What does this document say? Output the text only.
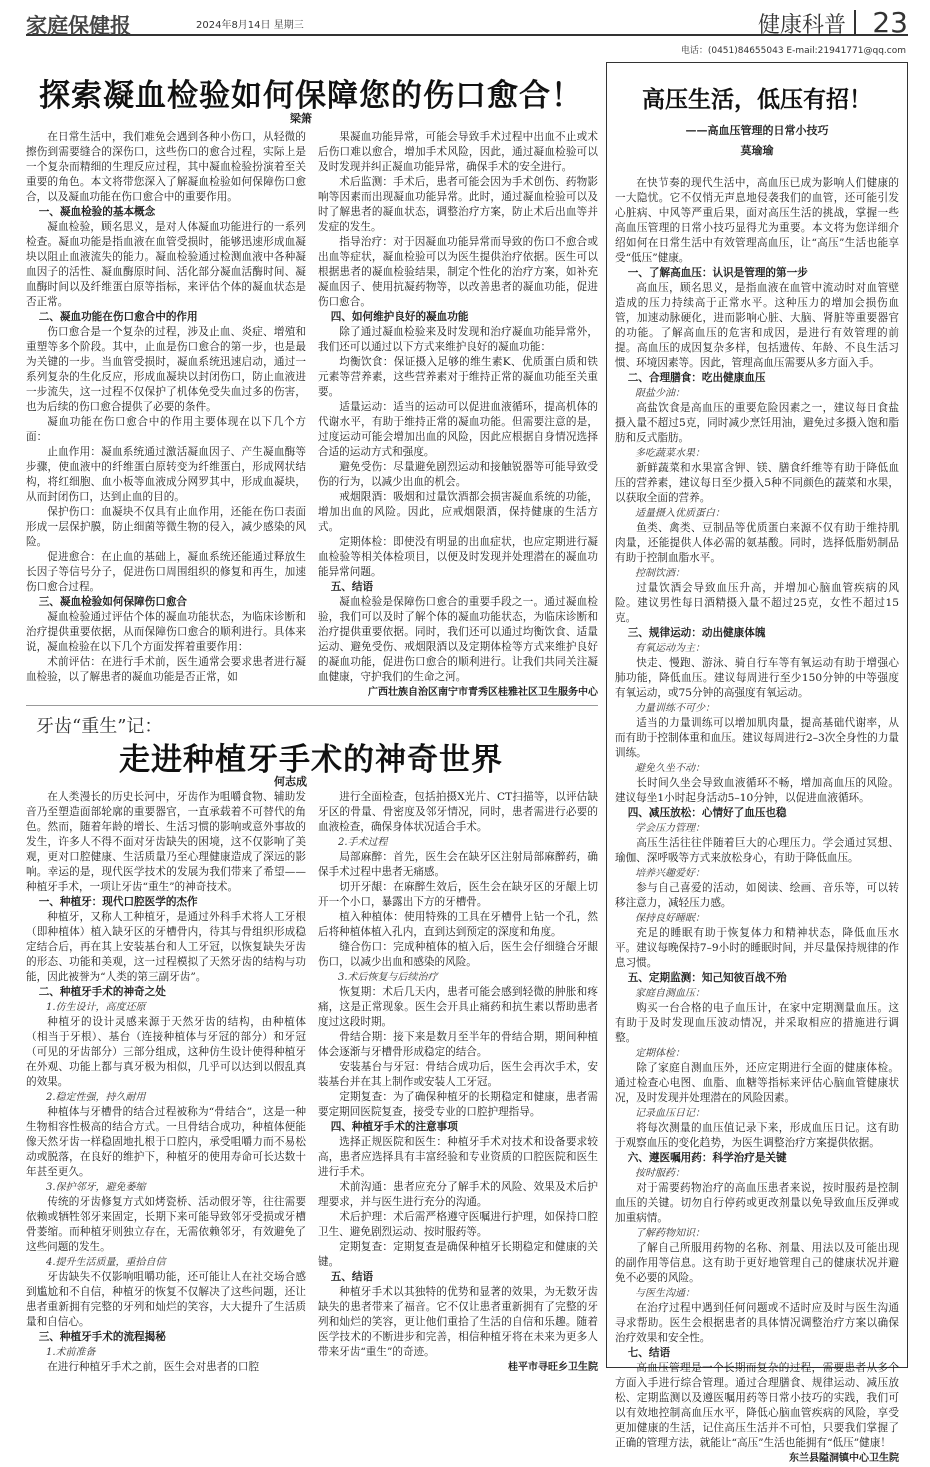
家庭保健报	2024年8月14日 星期三	健康科普 23
电话：(0451)84655043 E-mail:21941771@qq.com
探索凝血检验如何保障您的伤口愈合！
梁箫

在日常生活中，我们难免会遇到各种小伤口，从轻微的擦伤到需要缝合的深伤口，这些伤口的愈合过程，实际上是一个复杂而精细的生理反应过程，其中凝血检验扮演着至关重要的角色。本文将带您深入了解凝血检验如何保障伤口愈合，以及凝血功能在伤口愈合中的重要作用。

一、凝血检验的基本概念

凝血检验，顾名思义，是对人体凝血功能进行的一系列检查。凝血功能是指血液在血管受损时，能够迅速形成血凝块以阻止血液流失的能力。凝血检验通过检测血液中各种凝血因子的活性、凝血酶原时间、活化部分凝血活酶时间、凝血酶时间以及纤维蛋白原等指标，来评估个体的凝血状态是否正常。

二、凝血功能在伤口愈合中的作用

伤口愈合是一个复杂的过程，涉及止血、炎症、增殖和重塑等多个阶段。其中，止血是伤口愈合的第一步，也是最为关键的一步。当血管受损时，凝血系统迅速启动，通过一系列复杂的生化反应，形成血凝块以封闭伤口，防止血液进一步流失，这一过程不仅保护了机体免受失血过多的伤害，也为后续的伤口愈合提供了必要的条件。

凝血功能在伤口愈合中的作用主要体现在以下几个方面：

止血作用：凝血系统通过激活凝血因子、产生凝血酶等步骤，使血液中的纤维蛋白原转变为纤维蛋白，形成网状结构，将红细胞、血小板等血液成分网罗其中，形成血凝块，从而封闭伤口，达到止血的目的。

保护伤口：血凝块不仅具有止血作用，还能在伤口表面形成一层保护膜，防止细菌等微生物的侵入，减少感染的风险。

促进愈合：在止血的基础上，凝血系统还能通过释放生长因子等信号分子，促进伤口周围组织的修复和再生，加速伤口愈合过程。

三、凝血检验如何保障伤口愈合

凝血检验通过评估个体的凝血功能状态，为临床诊断和治疗提供重要依据，从而保障伤口愈合的顺利进行。具体来说，凝血检验在以下几个方面发挥着重要作用：

术前评估：在进行手术前，医生通常会要求患者进行凝血检验，以了解患者的凝血功能是否正常，如

果凝血功能异常，可能会导致手术过程中出血不止或术后伤口难以愈合，增加手术风险，因此，通过凝血检验可以及时发现并纠正凝血功能异常，确保手术的安全进行。

术后监测：手术后，患者可能会因为手术创伤、药物影响等因素而出现凝血功能异常。此时，通过凝血检验可以及时了解患者的凝血状态，调整治疗方案，防止术后出血等并发症的发生。

指导治疗：对于因凝血功能异常而导致的伤口不愈合或出血等症状，凝血检验可以为医生提供治疗依据。医生可以根据患者的凝血检验结果，制定个性化的治疗方案，如补充凝血因子、使用抗凝药物等，以改善患者的凝血功能，促进伤口愈合。

四、如何维护良好的凝血功能

除了通过凝血检验来及时发现和治疗凝血功能异常外，我们还可以通过以下方式来维护良好的凝血功能：

均衡饮食：保证摄入足够的维生素K、优质蛋白质和铁元素等营养素，这些营养素对于维持正常的凝血功能至关重要。

适量运动：适当的运动可以促进血液循环，提高机体的代谢水平，有助于维持正常的凝血功能。但需要注意的是，过度运动可能会增加出血的风险，因此应根据自身情况选择合适的运动方式和强度。

避免受伤：尽量避免剧烈运动和接触锐器等可能导致受伤的行为，以减少出血的机会。

戒烟限酒：吸烟和过量饮酒都会损害凝血系统的功能，增加出血的风险。因此，应戒烟限酒，保持健康的生活方式。

定期体检：即使没有明显的出血症状，也应定期进行凝血检验等相关体检项目，以便及时发现并处理潜在的凝血功能异常问题。

五、结语

凝血检验是保障伤口愈合的重要手段之一。通过凝血检验，我们可以及时了解个体的凝血功能状态，为临床诊断和治疗提供重要依据。同时，我们还可以通过均衡饮食、适量运动、避免受伤、戒烟限酒以及定期体检等方式来维护良好的凝血功能，促进伤口愈合的顺利进行。让我们共同关注凝血健康，守护我们的生命之河。

广西壮族自治区南宁市青秀区桂雅社区卫生服务中心
牙齿“重生”记：
走进种植牙手术的神奇世界
何志成

在人类漫长的历史长河中，牙齿作为咀嚼食物、辅助发音乃至塑造面部轮廓的重要器官，一直承载着不可替代的角色。然而，随着年龄的增长、生活习惯的影响或意外事故的发生，许多人不得不面对牙齿缺失的困境，这不仅影响了美观，更对口腔健康、生活质量乃至心理健康造成了深远的影响。幸运的是，现代医学技术的发展为我们带来了希望——种植牙手术，一项让牙齿“重生”的神奇技术。

一、种植牙：现代口腔医学的杰作

种植牙，又称人工种植牙，是通过外科手术将人工牙根（即种植体）植入缺牙区的牙槽骨内，待其与骨组织形成稳定结合后，再在其上安装基台和人工牙冠，以恢复缺失牙齿的形态、功能和美观，这一过程模拟了天然牙齿的结构与功能，因此被誉为“人类的第三副牙齿”。

二、种植牙手术的神奇之处
1.仿生设计，高度还原

种植牙的设计灵感来源于天然牙齿的结构，由种植体（相当于牙根）、基台（连接种植体与牙冠的部分）和牙冠（可见的牙齿部分）三部分组成，这种仿生设计使得种植牙在外观、功能上都与真牙极为相似，几乎可以达到以假乱真的效果。

2.稳定性强，持久耐用

种植体与牙槽骨的结合过程被称为“骨结合”，这是一种生物相容性极高的结合方式。一旦骨结合成功，种植体便能像天然牙齿一样稳固地扎根于口腔内，承受咀嚼力而不易松动或脱落，在良好的维护下，种植牙的使用寿命可长达数十年甚至更久。

3.保护邻牙，避免萎缩

传统的牙齿修复方式如烤瓷桥、活动假牙等，往往需要依赖或牺牲邻牙来固定，长期下来可能导致邻牙受损或牙槽骨萎缩。而种植牙则独立存在，无需依赖邻牙，有效避免了这些问题的发生。

4.提升生活质量，重拾自信

牙齿缺失不仅影响咀嚼功能，还可能让人在社交场合感到尴尬和不自信，种植牙的恢复不仅解决了这些问题，还让患者重新拥有完整的牙列和灿烂的笑容，大大提升了生活质量和自信心。

三、种植牙手术的流程揭秘
1.术前准备

在进行种植牙手术之前，医生会对患者的口腔

进行全面检查，包括拍摄X光片、CT扫描等，以评估缺牙区的骨量、骨密度及邻牙情况，同时，患者需进行必要的血液检查，确保身体状况适合手术。

2.手术过程

局部麻醉：首先，医生会在缺牙区注射局部麻醉药，确保手术过程中患者无痛感。

切开牙龈：在麻醉生效后，医生会在缺牙区的牙龈上切开一个小口，暴露出下方的牙槽骨。

植入种植体：使用特殊的工具在牙槽骨上钻一个孔，然后将种植体植入孔内，直到达到预定的深度和角度。

缝合伤口：完成种植体的植入后，医生会仔细缝合牙龈伤口，以减少出血和感染的风险。

3.术后恢复与后续治疗

恢复期：术后几天内，患者可能会感到轻微的肿胀和疼痛，这是正常现象。医生会开具止痛药和抗生素以帮助患者度过这段时期。

骨结合期：接下来是数月至半年的骨结合期，期间种植体会逐渐与牙槽骨形成稳定的结合。

安装基台与牙冠：骨结合成功后，医生会再次手术，安装基台并在其上制作或安装人工牙冠。

定期复查：为了确保种植牙的长期稳定和健康，患者需要定期回医院复查，接受专业的口腔护理指导。

四、种植牙手术的注意事项

选择正规医院和医生：种植牙手术对技术和设备要求较高，患者应选择具有丰富经验和专业资质的口腔医院和医生进行手术。

术前沟通：患者应充分了解手术的风险、效果及术后护理要求，并与医生进行充分的沟通。

术后护理：术后需严格遵守医嘱进行护理，如保持口腔卫生、避免剧烈运动、按时服药等。

定期复查：定期复查是确保种植牙长期稳定和健康的关键。

五、结语

种植牙手术以其独特的优势和显著的效果，为无数牙齿缺失的患者带来了福音。它不仅让患者重新拥有了完整的牙列和灿烂的笑容，更让他们重拾了生活的自信和乐趣。随着医学技术的不断进步和完善，相信种植牙将在未来为更多人带来牙齿“重生”的奇迹。

桂平市寻旺乡卫生院
高压生活，低压有招！
——高血压管理的日常小技巧
莫瑜瑜

在快节奏的现代生活中，高血压已成为影响人们健康的一大隐忧。它不仅悄无声息地侵袭我们的血管，还可能引发心脏病、中风等严重后果，面对高压生活的挑战，掌握一些高血压管理的日常小技巧显得尤为重要。本文将为您详细介绍如何在日常生活中有效管理高血压，让“高压”生活也能享受“低压”健康。

一、了解高血压：认识是管理的第一步

高血压，顾名思义，是指血液在血管中流动时对血管壁造成的压力持续高于正常水平。这种压力的增加会损伤血管，加速动脉硬化，进而影响心脏、大脑、肾脏等重要器官的功能。了解高血压的危害和成因，是进行有效管理的前提。高血压的成因复杂多样，包括遗传、年龄、不良生活习惯、环境因素等。因此，管理高血压需要从多方面入手。

二、合理膳食：吃出健康血压
限盐少油：

高盐饮食是高血压的重要危险因素之一，建议每日食盐摄入量不超过5克，同时减少烹饪用油，避免过多摄入饱和脂肪和反式脂肪。

多吃蔬菜水果：

新鲜蔬菜和水果富含钾、镁、膳食纤维等有助于降低血压的营养素，建议每日至少摄入5种不同颜色的蔬菜和水果，以获取全面的营养。

适量摄入优质蛋白：

鱼类、禽类、豆制品等优质蛋白来源不仅有助于维持肌肉量，还能提供人体必需的氨基酸。同时，选择低脂奶制品有助于控制血脂水平。

控制饮酒：

过量饮酒会导致血压升高，并增加心脑血管疾病的风险。建议男性每日酒精摄入量不超过25克，女性不超过15克。

三、规律运动：动出健康体魄
有氧运动为主：

快走、慢跑、游泳、骑自行车等有氧运动有助于增强心肺功能，降低血压。建议每周进行至少150分钟的中等强度有氧运动，或75分钟的高强度有氧运动。

力量训练不可少：

适当的力量训练可以增加肌肉量，提高基础代谢率，从而有助于控制体重和血压。建议每周进行2–3次全身性的力量训练。

避免久坐不动：

长时间久坐会导致血液循环不畅，增加高血压的风险。建议每坐1小时起身活动5–10分钟，以促进血液循环。

四、减压放松：心情好了血压也稳
学会压力管理：

高压生活往往伴随着巨大的心理压力。学会通过冥想、瑜伽、深呼吸等方式来放松身心，有助于降低血压。

培养兴趣爱好：

参与自己喜爱的活动，如阅读、绘画、音乐等，可以转移注意力，减轻压力感。

保持良好睡眠：

充足的睡眠有助于恢复体力和精神状态，降低血压水平。建议每晚保持7–9小时的睡眠时间，并尽量保持规律的作息习惯。

五、定期监测：知己知彼百战不殆
家庭自测血压：

购买一台合格的电子血压计，在家中定期测量血压。这有助于及时发现血压波动情况，并采取相应的措施进行调整。

定期体检：

除了家庭自测血压外，还应定期进行全面的健康体检。通过检查心电图、血脂、血糖等指标来评估心脑血管健康状况，及时发现并处理潜在的风险因素。

记录血压日记：

将每次测量的血压值记录下来，形成血压日记。这有助于观察血压的变化趋势，为医生调整治疗方案提供依据。

六、遵医嘱用药：科学治疗是关键
按时服药：

对于需要药物治疗的高血压患者来说，按时服药是控制血压的关键。切勿自行停药或更改剂量以免导致血压反弹或加重病情。

了解药物知识：

了解自己所服用药物的名称、剂量、用法以及可能出现的副作用等信息。这有助于更好地管理自己的健康状况并避免不必要的风险。

与医生沟通：

在治疗过程中遇到任何问题或不适时应及时与医生沟通寻求帮助。医生会根据患者的具体情况调整治疗方案以确保治疗效果和安全性。

七、结语

高血压管理是一个长期而复杂的过程，需要患者从多个方面入手进行综合管理。通过合理膳食、规律运动、减压放松、定期监测以及遵医嘱用药等日常小技巧的实践，我们可以有效地控制高血压水平，降低心脑血管疾病的风险，享受更加健康的生活，记住高压生活并不可怕，只要我们掌握了正确的管理方法，就能让“高压”生活也能拥有“低压”健康！

东兰县隘洞镇中心卫生院
